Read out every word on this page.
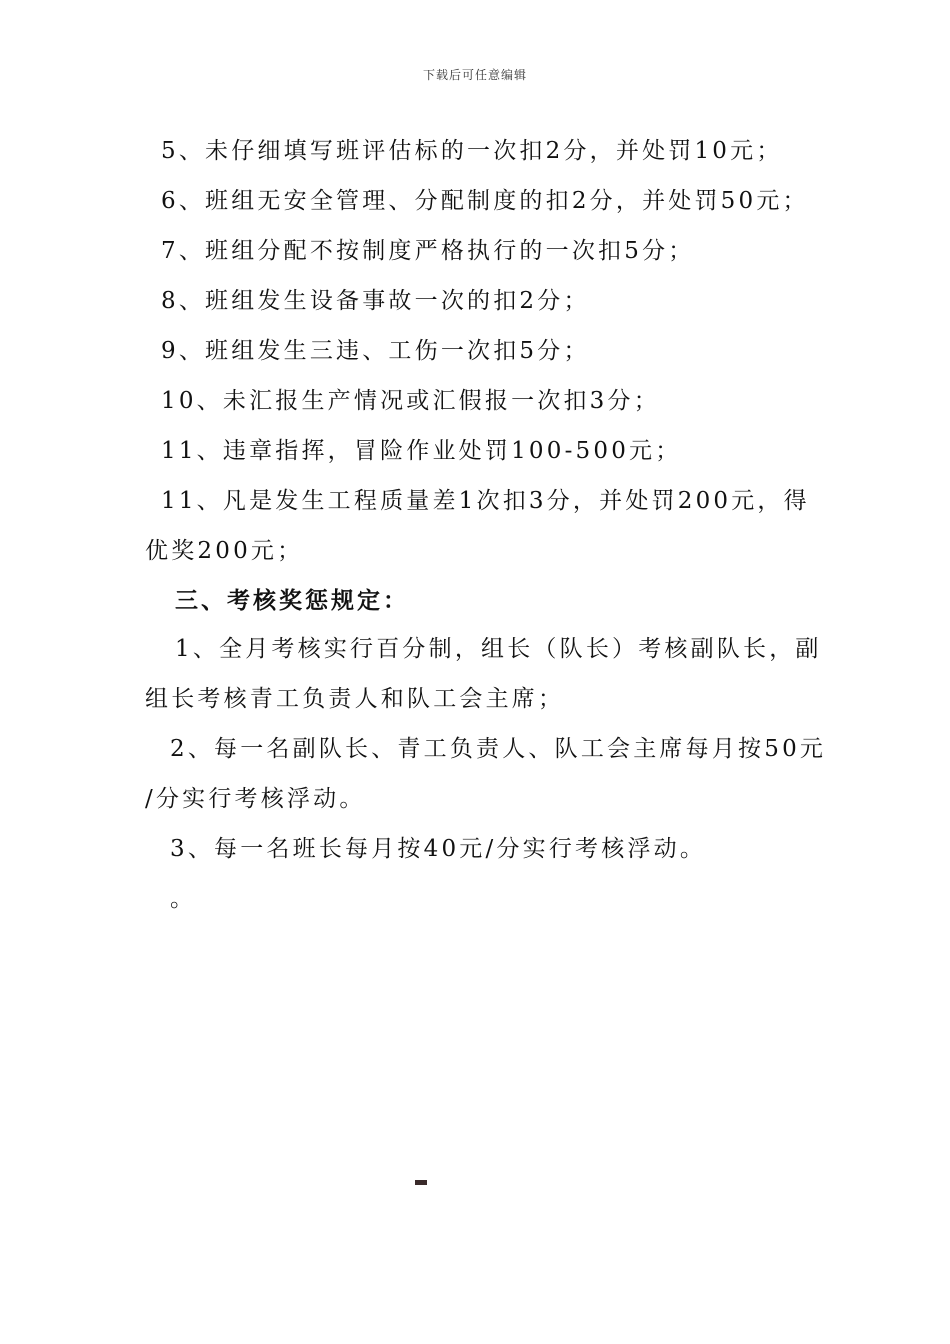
下载后可任意编辑
5、未仔细填写班评估标的一次扣2分，并处罚10元；
6、班组无安全管理、分配制度的扣2分，并处罚50元；
7、班组分配不按制度严格执行的一次扣5分；
8、班组发生设备事故一次的扣2分；
9、班组发生三违、工伤一次扣5分；
10、未汇报生产情况或汇假报一次扣3分；
11、违章指挥，冒险作业处罚100-500元；
11、凡是发生工程质量差1次扣3分，并处罚200元，得
优奖200元；
三、考核奖惩规定：
1、全月考核实行百分制，组长（队长）考核副队长，副
组长考核青工负责人和队工会主席；
2、每一名副队长、青工负责人、队工会主席每月按50元
/分实行考核浮动。
3、每一名班长每月按40元/分实行考核浮动。
。
